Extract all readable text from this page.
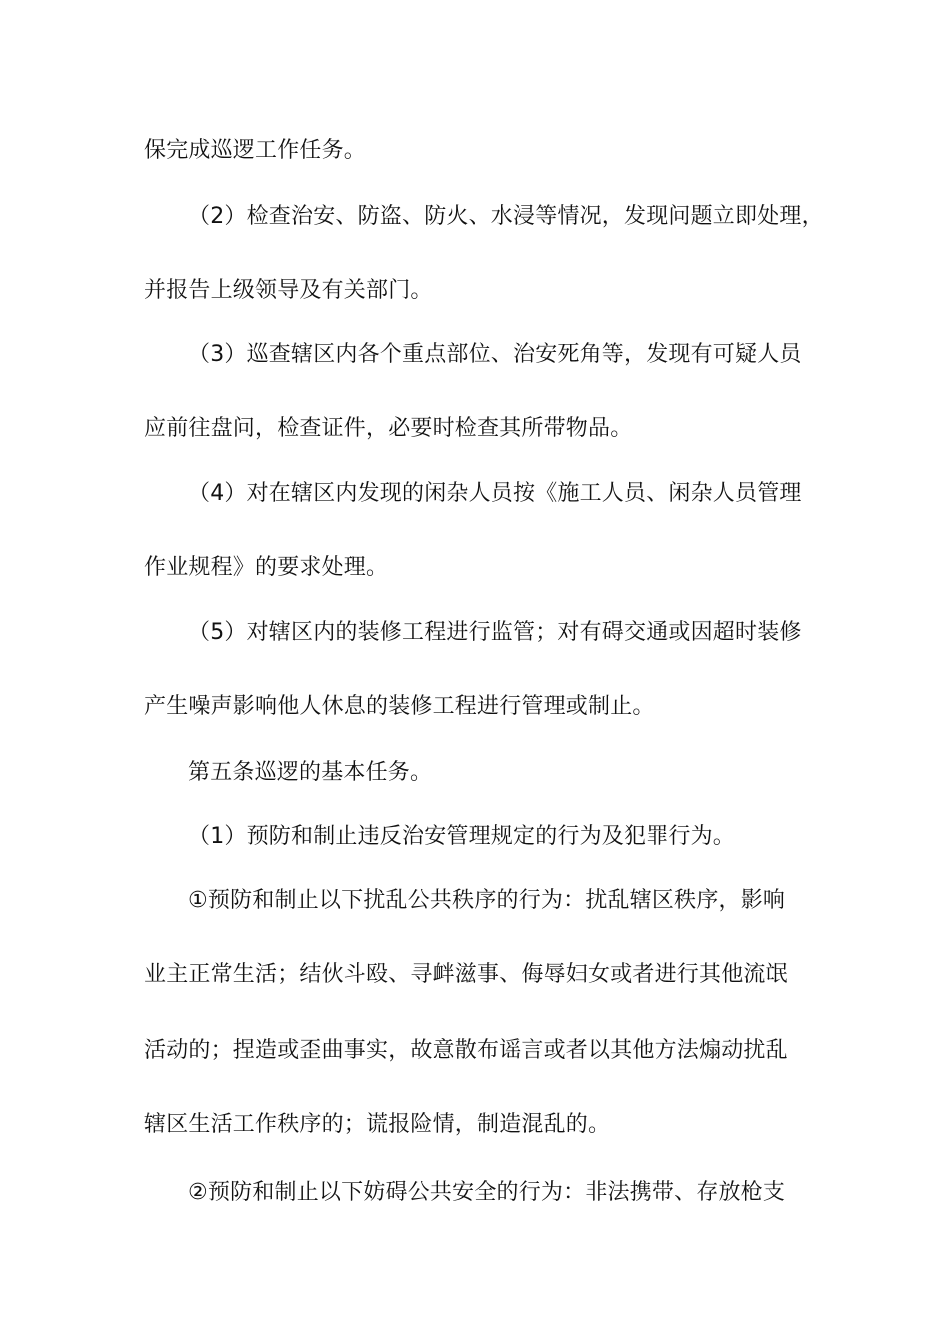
保完成巡逻工作任务。
（2）检查治安、防盗、防火、水浸等情况，发现问题立即处理，
并报告上级领导及有关部门。
（3）巡查辖区内各个重点部位、治安死角等，发现有可疑人员
应前往盘问，检查证件，必要时检查其所带物品。
（4）对在辖区内发现的闲杂人员按《施工人员、闲杂人员管理
作业规程》的要求处理。
（5）对辖区内的装修工程进行监管；对有碍交通或因超时装修
产生噪声影响他人休息的装修工程进行管理或制止。
第五条巡逻的基本任务。
（1）预防和制止违反治安管理规定的行为及犯罪行为。
①预防和制止以下扰乱公共秩序的行为：扰乱辖区秩序，影响
业主正常生活；结伙斗殴、寻衅滋事、侮辱妇女或者进行其他流氓
活动的；捏造或歪曲事实，故意散布谣言或者以其他方法煽动扰乱
辖区生活工作秩序的；谎报险情，制造混乱的。
②预防和制止以下妨碍公共安全的行为：非法携带、存放枪支
